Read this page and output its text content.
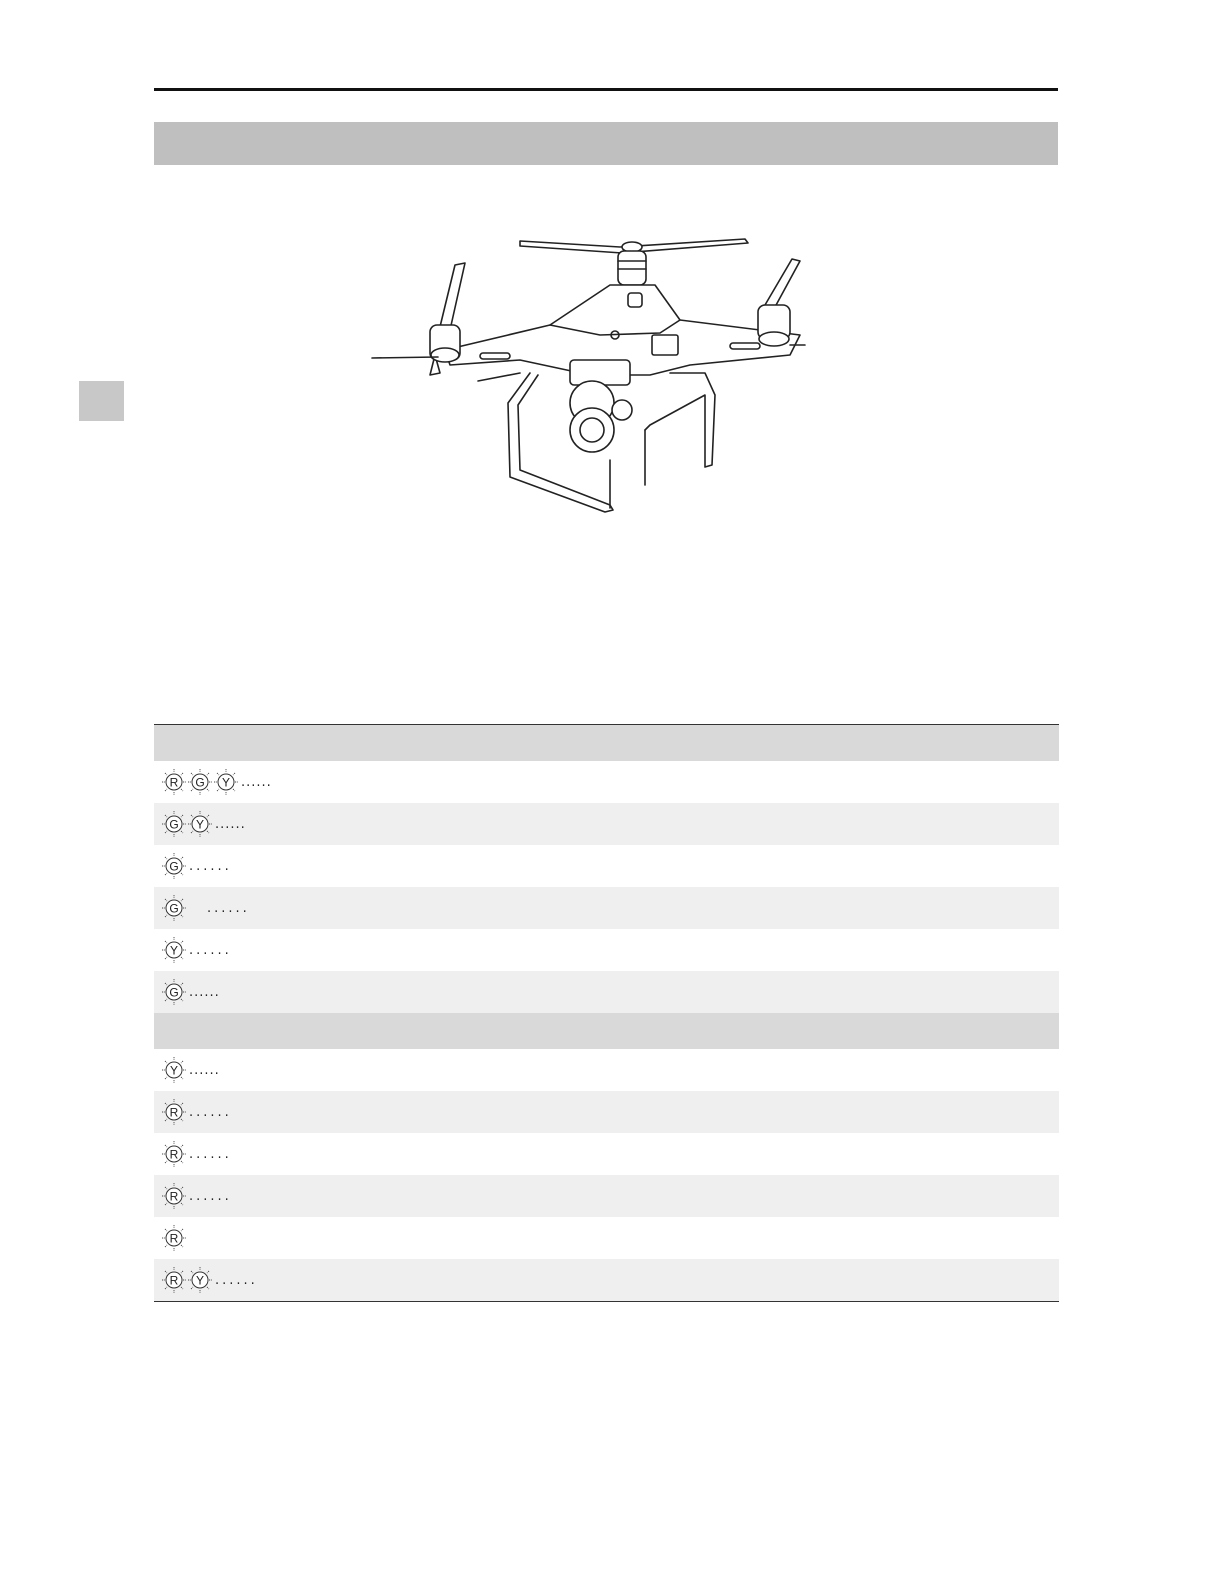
R G Y ......
G Y ......
G ......
G ......
Y ......
G ......
Y ......
R ......
R ......
R ......
R
R Y ......
